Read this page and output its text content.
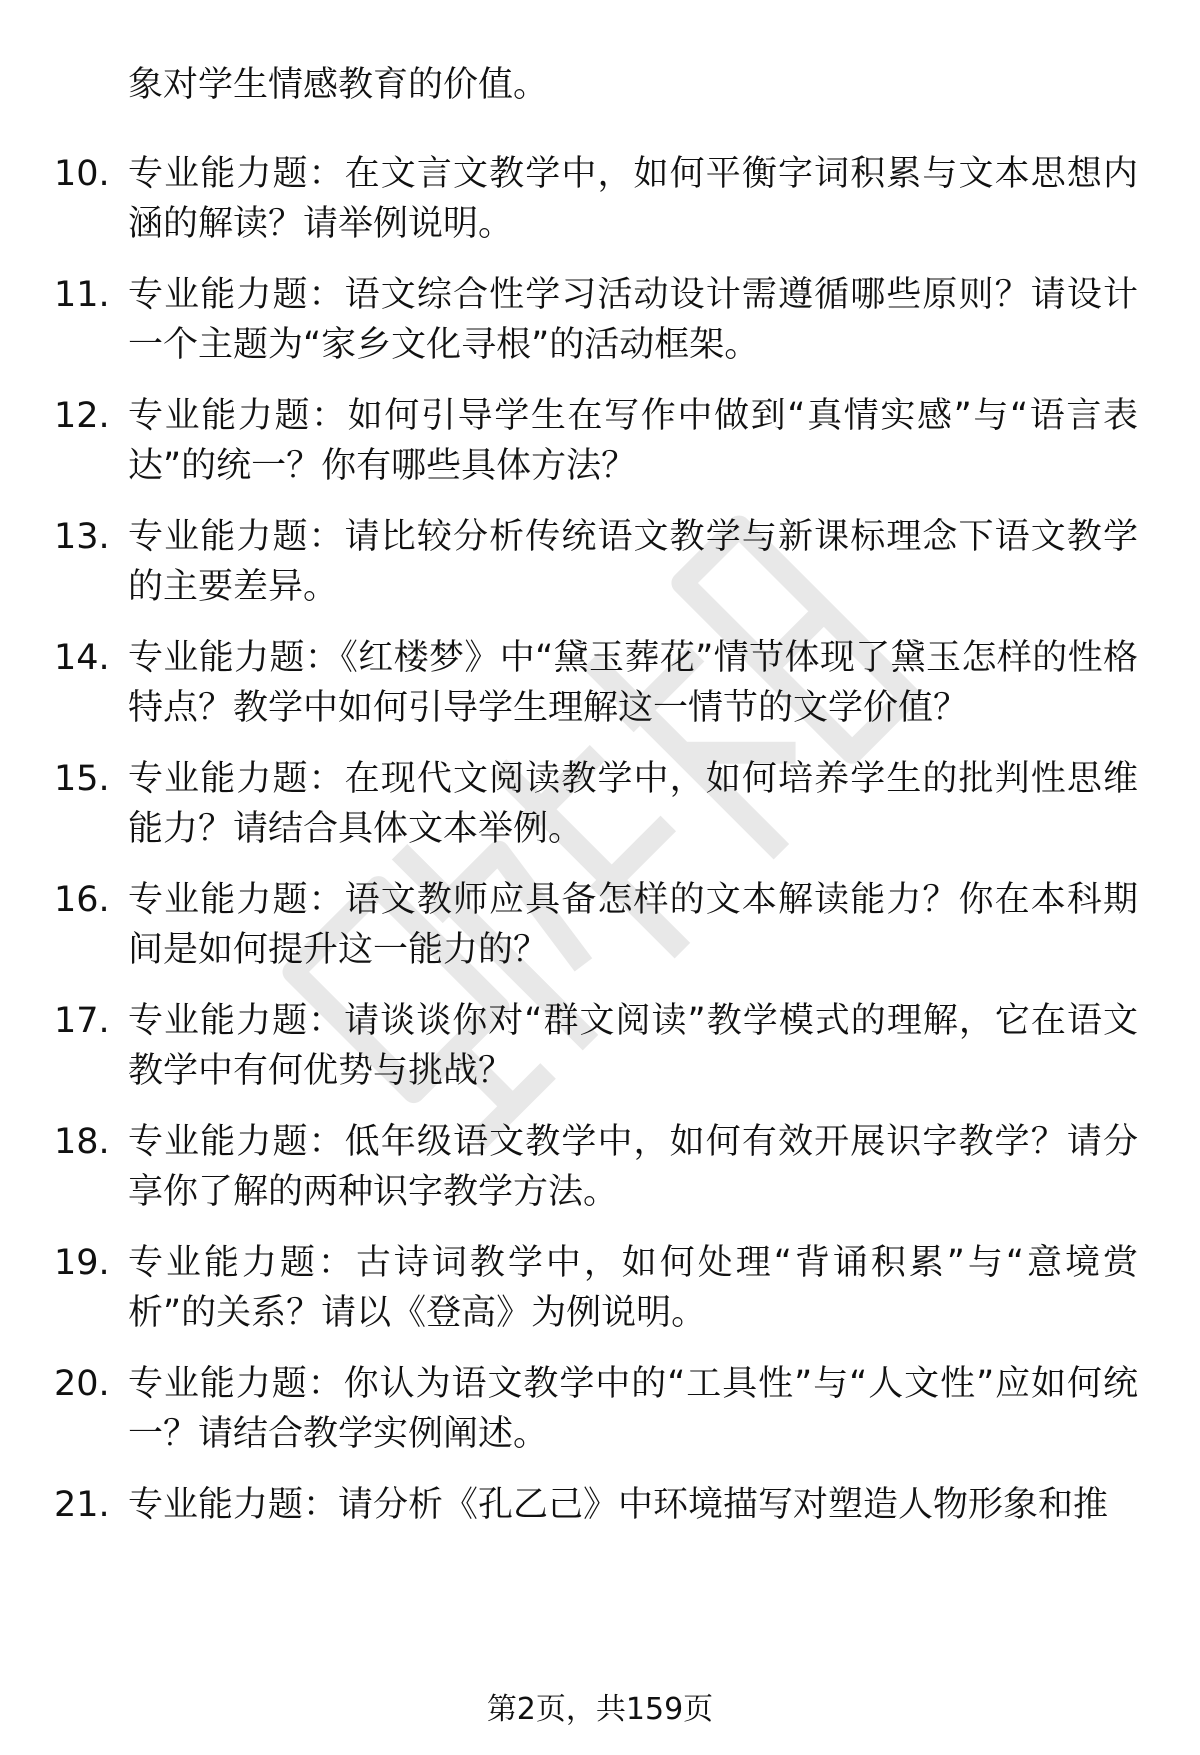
象对学生情感教育的价值。

10. 专业能力题：在文言文教学中，如何平衡字词积累与文本思想内涵的解读？请举例说明。
11. 专业能力题：语文综合性学习活动设计需遵循哪些原则？请设计一个主题为“家乡文化寻根”的活动框架。
12. 专业能力题：如何引导学生在写作中做到“真情实感”与“语言表达”的统一？你有哪些具体方法？
13. 专业能力题：请比较分析传统语文教学与新课标理念下语文教学的主要差异。
14. 专业能力题：《红楼梦》中“黛玉葬花”情节体现了黛玉怎样的性格特点？教学中如何引导学生理解这一情节的文学价值？
15. 专业能力题：在现代文阅读教学中，如何培养学生的批判性思维能力？请结合具体文本举例。
16. 专业能力题：语文教师应具备怎样的文本解读能力？你在本科期间是如何提升这一能力的？
17. 专业能力题：请谈谈你对“群文阅读”教学模式的理解，它在语文教学中有何优势与挑战？
18. 专业能力题：低年级语文教学中，如何有效开展识字教学？请分享你了解的两种识字教学方法。
19. 专业能力题：古诗词教学中，如何处理“背诵积累”与“意境赏析”的关系？请以《登高》为例说明。
20. 专业能力题：你认为语文教学中的“工具性”与“人文性”应如何统一？请结合教学实例阐述。
21. 专业能力题：请分析《孔乙己》中环境描写对塑造人物形象和推
第2页，共159页
